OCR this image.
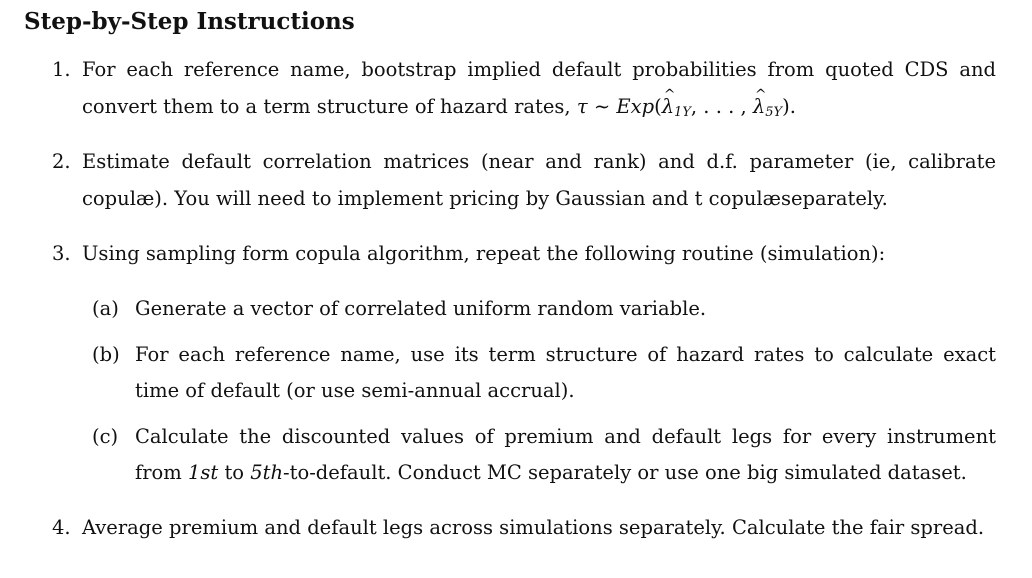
Step-by-Step Instructions
1. For each reference name, bootstrap implied default probabilities from quoted CDS and
convert them to a term structure of hazard rates, τ ∼ Exp(^ $\lambda_{1Y}$, . . . , ^ $\lambda_{5Y}$).
2. Estimate default correlation matrices (near and rank) and d.f. parameter (ie, calibrate
copulæ). You will need to implement pricing by Gaussian and t copulæseparately.
3. Using sampling form copula algorithm, repeat the following routine (simulation):
(a) Generate a vector of correlated uniform random variable.
(b) For each reference name, use its term structure of hazard rates to calculate exact
time of default (or use semi-annual accrual).
(c) Calculate the discounted values of premium and default legs for every instrument
from 1st to 5th-to-default. Conduct MC separately or use one big simulated dataset.
4. Average premium and default legs across simulations separately. Calculate the fair spread.
